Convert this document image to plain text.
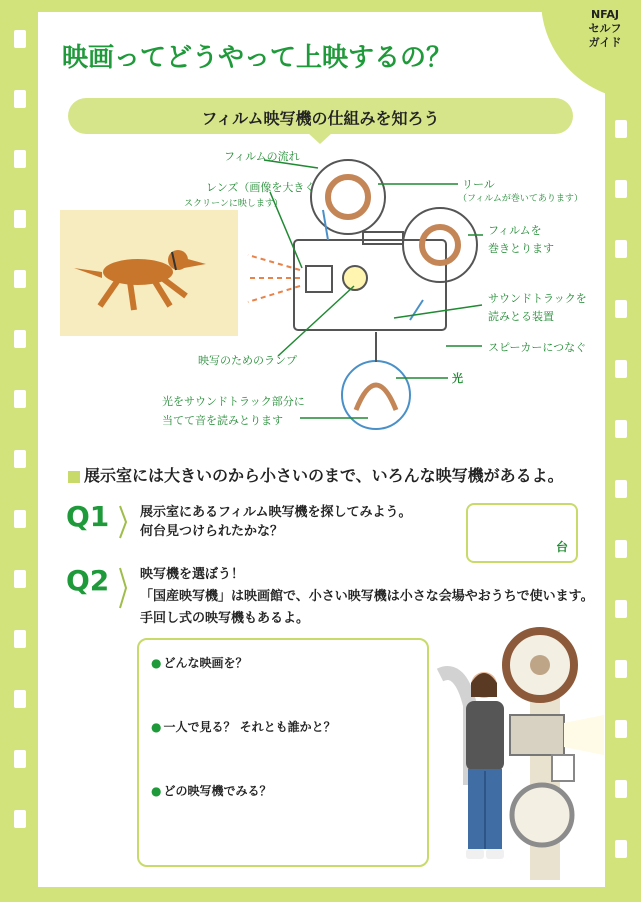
NFAJ
セルフ
ガイド
映画ってどうやって上映するの？
フィルム映写機の仕組みを知ろう
フィルムの流れ
レンズ（画像を大きく
スクリーンに映します）
リール
（フィルムが巻いてあります）
フィルムを
巻きとります
サウンドトラックを
読みとる装置
スピーカーにつなぐ
映写のためのランプ
光
光をサウンドトラック部分に
当てて音を読みとります
展示室には大きいのから小さいのまで、いろんな映写機があるよ。
Q1 展示室にあるフィルム映写機を探してみよう。
何台見つけられたかな？
台
Q2 映写機を選ぼう！
「国産映写機」は映画館で、小さい映写機は小さな会場やおうちで使います。
手回し式の映写機もあるよ。
● どんな映画を？
● 一人で見る？ それとも誰かと？
● どの映写機でみる？
